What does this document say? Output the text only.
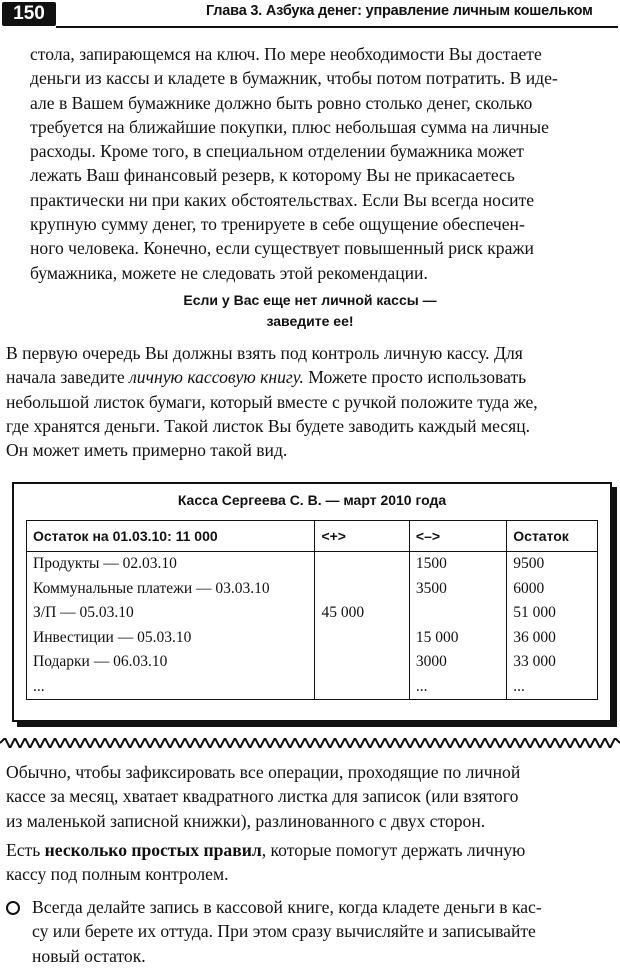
150	Глава 3. Азбука денег: управление личным кошельком

стола, запирающемся на ключ. По мере необходимости Вы достаете
деньги из кассы и кладете в бумажник, чтобы потом потратить. В иде-
але в Вашем бумажнике должно быть ровно столько денег, сколько
требуется на ближайшие покупки, плюс небольшая сумма на личные
расходы. Кроме того, в специальном отделении бумажника может
лежать Ваш финансовый резерв, к которому Вы не прикасаетесь
практически ни при каких обстоятельствах. Если Вы всегда носите
крупную сумму денег, то тренируете в себе ощущение обеспечен-
ного человека. Конечно, если существует повышенный риск кражи
бумажника, можете не следовать этой рекомендации.

Если у Вас еще нет личной кассы —
заведите ее!

В первую очередь Вы должны взять под контроль личную кассу. Для
начала заведите личную кассовую книгу. Можете просто использовать
небольшой листок бумаги, который вместе с ручкой положите туда же,
где хранятся деньги. Такой листок Вы будете заводить каждый месяц.
Он может иметь примерно такой вид.

Касса Сергеева С. В. — март 2010 года
Остаток на 01.03.10: 11 000	<+>	<–>	Остаток
Продукты — 02.03.10		1500	9500
Коммунальные платежи — 03.03.10		3500	6000
З/П — 05.03.10	45 000		51 000
Инвестиции — 05.03.10		15 000	36 000
Подарки — 06.03.10		3000	33 000
...		...	...

Обычно, чтобы зафиксировать все операции, проходящие по личной
кассе за месяц, хватает квадратного листка для записок (или взятого
из маленькой записной книжки), разлинованного с двух сторон.

Есть несколько простых правил, которые помогут держать личную
кассу под полным контролем.

Всегда делайте запись в кассовой книге, когда кладете деньги в кас-
су или берете их оттуда. При этом сразу вычисляйте и записывайте
новый остаток.
